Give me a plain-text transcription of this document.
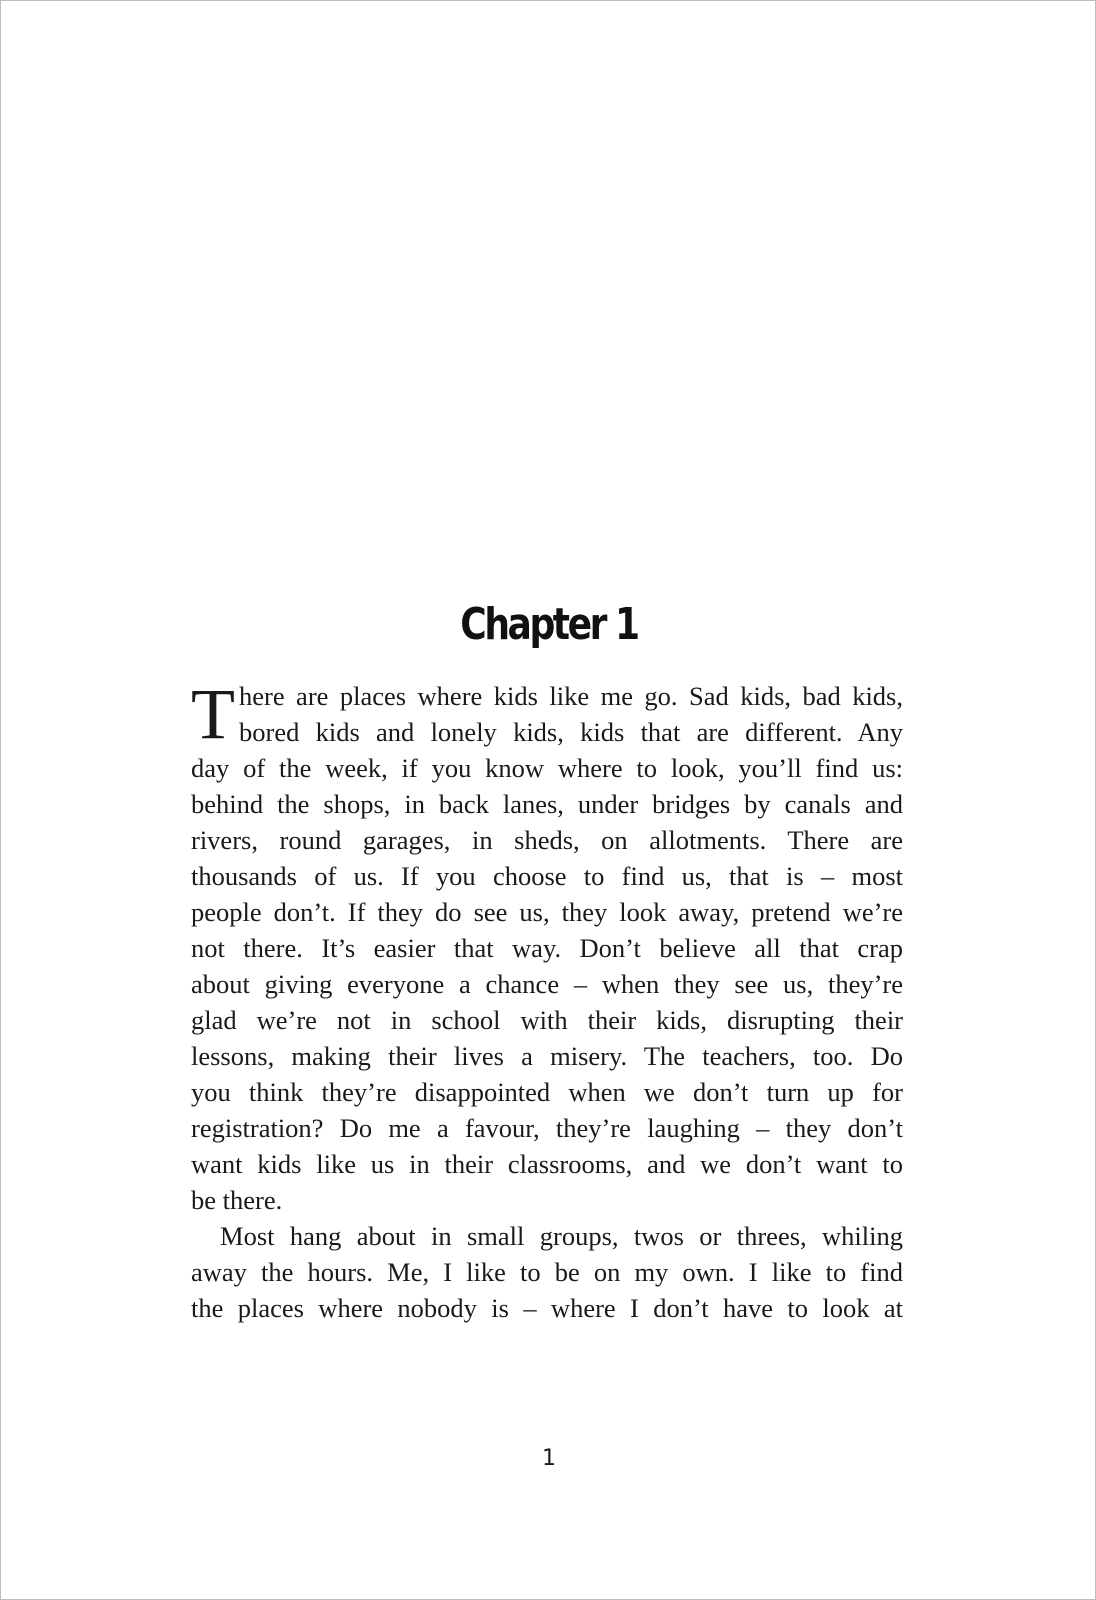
Chapter 1
T here are places where kids like me go. Sad kids, bad kids,
bored kids and lonely kids, kids that are different. Any
day of the week, if you know where to look, you’ll find us:
behind the shops, in back lanes, under bridges by canals and
rivers, round garages, in sheds, on allotments. There are
thousands of us. If you choose to find us, that is – most
people don’t. If they do see us, they look away, pretend we’re
not there. It’s easier that way. Don’t believe all that crap
about giving everyone a chance – when they see us, they’re
glad we’re not in school with their kids, disrupting their
lessons, making their lives a misery. The teachers, too. Do
you think they’re disappointed when we don’t turn up for
registration? Do me a favour, they’re laughing – they don’t
want kids like us in their classrooms, and we don’t want to
be there.
Most hang about in small groups, twos or threes, whiling
away the hours. Me, I like to be on my own. I like to find
the places where nobody is – where I don’t have to look at
1
